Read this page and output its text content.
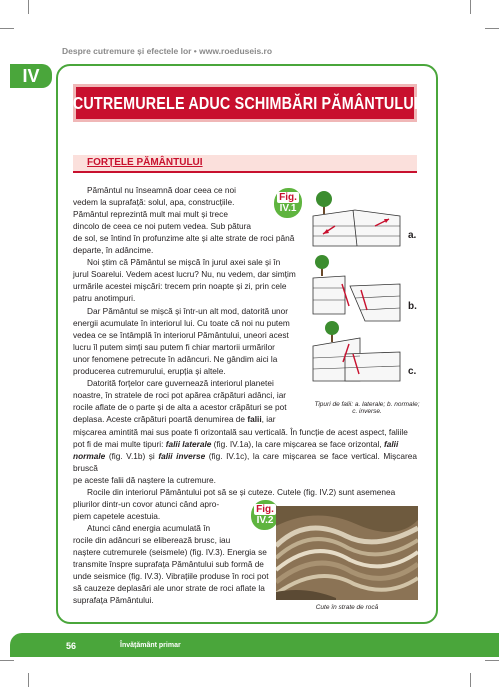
Despre cutremure și efectele lor • www.roeduseis.ro
IV
CUTREMURELE ADUC SCHIMBĂRI PĂMÂNTULUI
FORȚELE PĂMÂNTULUI

Pământul nu înseamnă doar ceea ce noi

vedem la suprafață: solul, apa, construcțiile.

Pământul reprezintă mult mai mult și trece

dincolo de ceea ce noi putem vedea. Sub pătura

de sol, se întind în profunzime alte și alte strate de roci până

departe, în adâncime.

Noi știm că Pământul se mișcă în jurul axei sale și în

jurul Soarelui. Vedem acest lucru? Nu, nu vedem, dar simțim

urmările acestei mișcări: trecem prin noapte și zi, prin cele

patru anotimpuri.

Dar Pământul se mișcă și într-un alt mod, datorită unor

energii acumulate în interiorul lui. Cu toate că noi nu putem

vedea ce se întâmplă în interiorul Pământului, uneori acest

lucru îl putem simți sau putem fi chiar martorii urmărilor

unor fenomene petrecute în adâncuri. Ne gândim aici la

producerea cutremurului, erupția și altele.

Datorită forțelor care guvernează interiorul planetei

noastre, în stratele de roci pot apărea crăpături adânci, iar

rocile aflate de o parte și de alta a acestor crăpături se pot

deplasa. Aceste crăpături poartă denumirea de falii, iar

mișcarea amintită mai sus poate fi orizontală sau verticală. În funcție de acest aspect, faliile

pot fi de mai multe tipuri: falii laterale (fig. IV.1a), la care mișcarea se face orizontal, falii

normale (fig. V.1b) și falii inverse (fig. IV.1c), la care mișcarea se face vertical. Mișcarea bruscă

pe aceste falii dă naștere la cutremure.

Rocile din interiorul Pământului pot să se și cuteze. Cutele (fig. IV.2) sunt asemenea

pliurilor dintr-un covor atunci când apro-

piem capetele acestuia.

Atunci când energia acumulată în

rocile din adâncuri se eliberează brusc, iau

naștere cutremurele (seismele) (fig. IV.3). Energia se

transmite înspre suprafața Pământului sub formă de

unde seismice (fig. IV.3). Vibrațiile produse în roci pot

să cauzeze deplasări ale unor strate de roci aflate la

suprafața Pământului.

Fig.
IV.1
a.
b.
c.
Tipuri de falii: a. laterale; b. normale;
c. inverse.
Fig.
IV.2
Cute în strate de rocă
56	Învățământ primar
